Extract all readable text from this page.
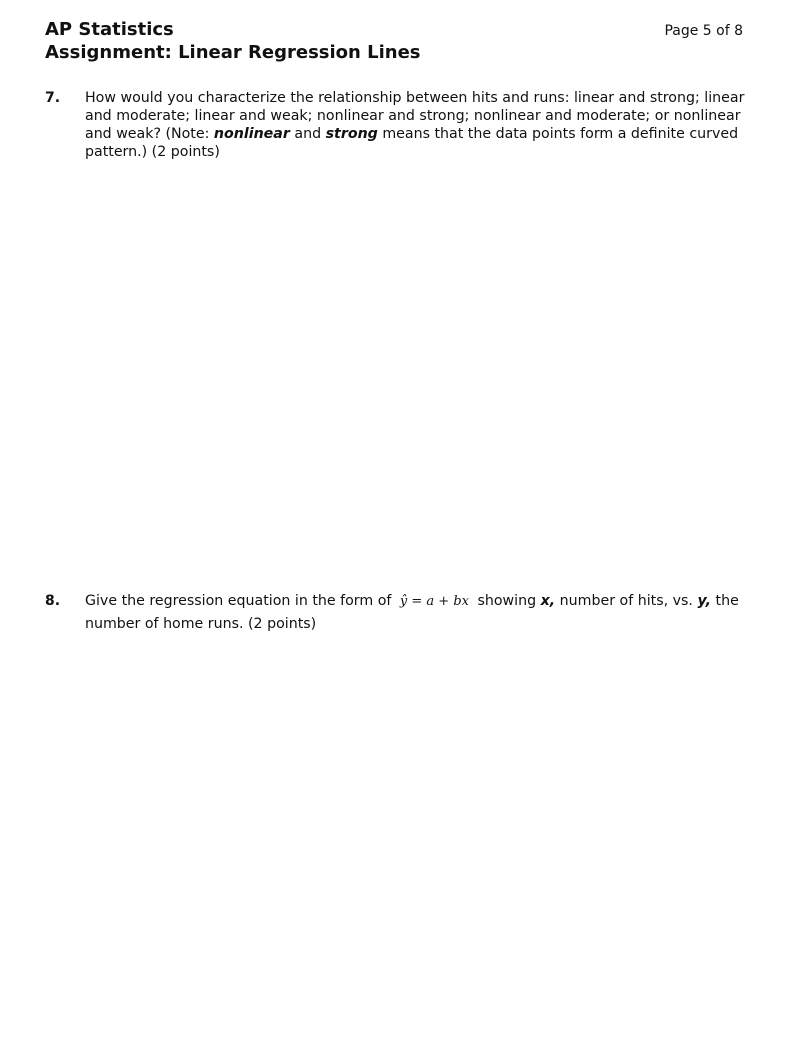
AP Statistics
Assignment: Linear Regression Lines
Page 5 of 8
7. How would you characterize the relationship between hits and runs: linear and strong; linear and moderate; linear and weak; nonlinear and strong; nonlinear and moderate; or nonlinear and weak? (Note: nonlinear and strong means that the data points form a definite curved pattern.) (2 points)
8. Give the regression equation in the form of ŷ = a + bx showing x, number of hits, vs. y, the number of home runs. (2 points)
